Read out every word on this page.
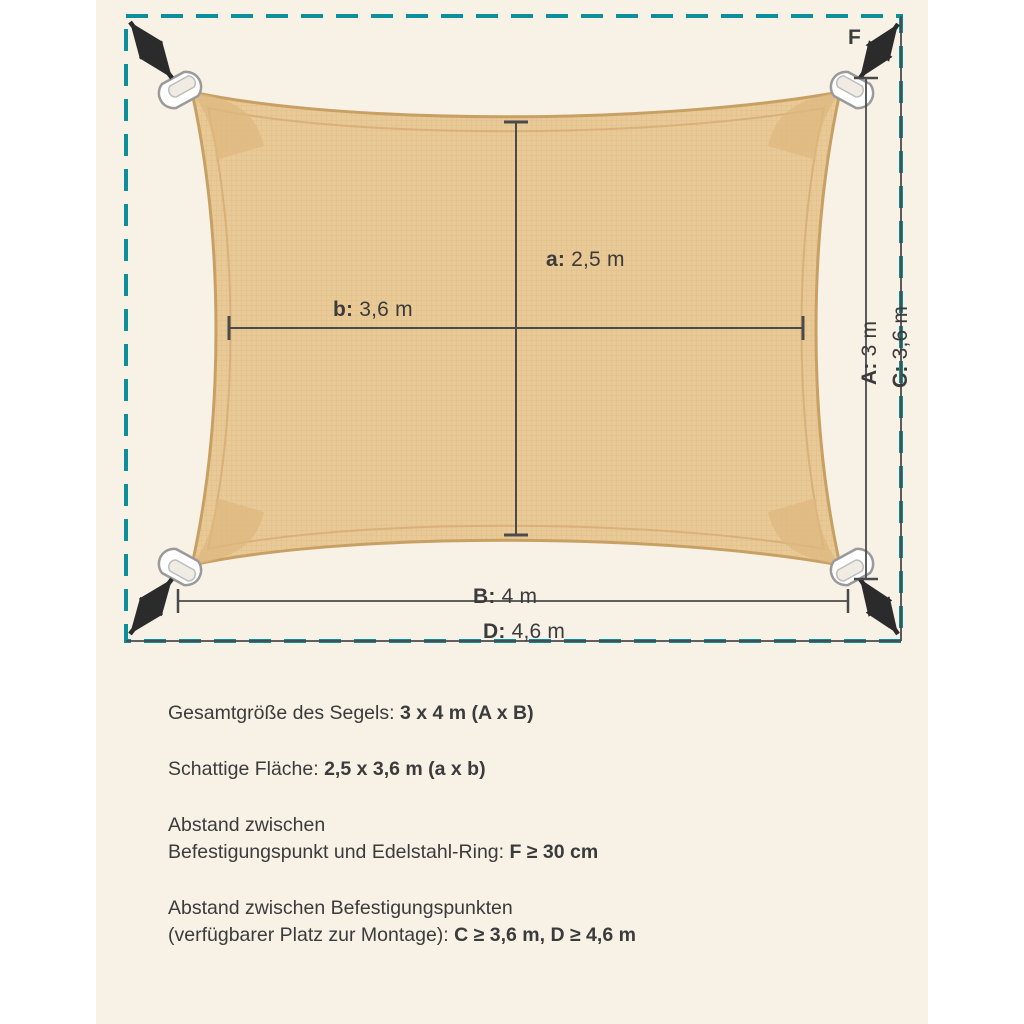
a: 2,5 m
b: 3,6 m
B: 4 m
D: 4,6 m
F
A: 3 m
C: 3,6 m
Gesamtgröße des Segels: 3 x 4 m (A x B)
Schattige Fläche: 2,5 x 3,6 m (a x b)
Abstand zwischen
Befestigungspunkt und Edelstahl-Ring: F ≥ 30 cm
Abstand zwischen Befestigungspunkten
(verfügbarer Platz zur Montage): C ≥ 3,6 m, D ≥ 4,6 m
